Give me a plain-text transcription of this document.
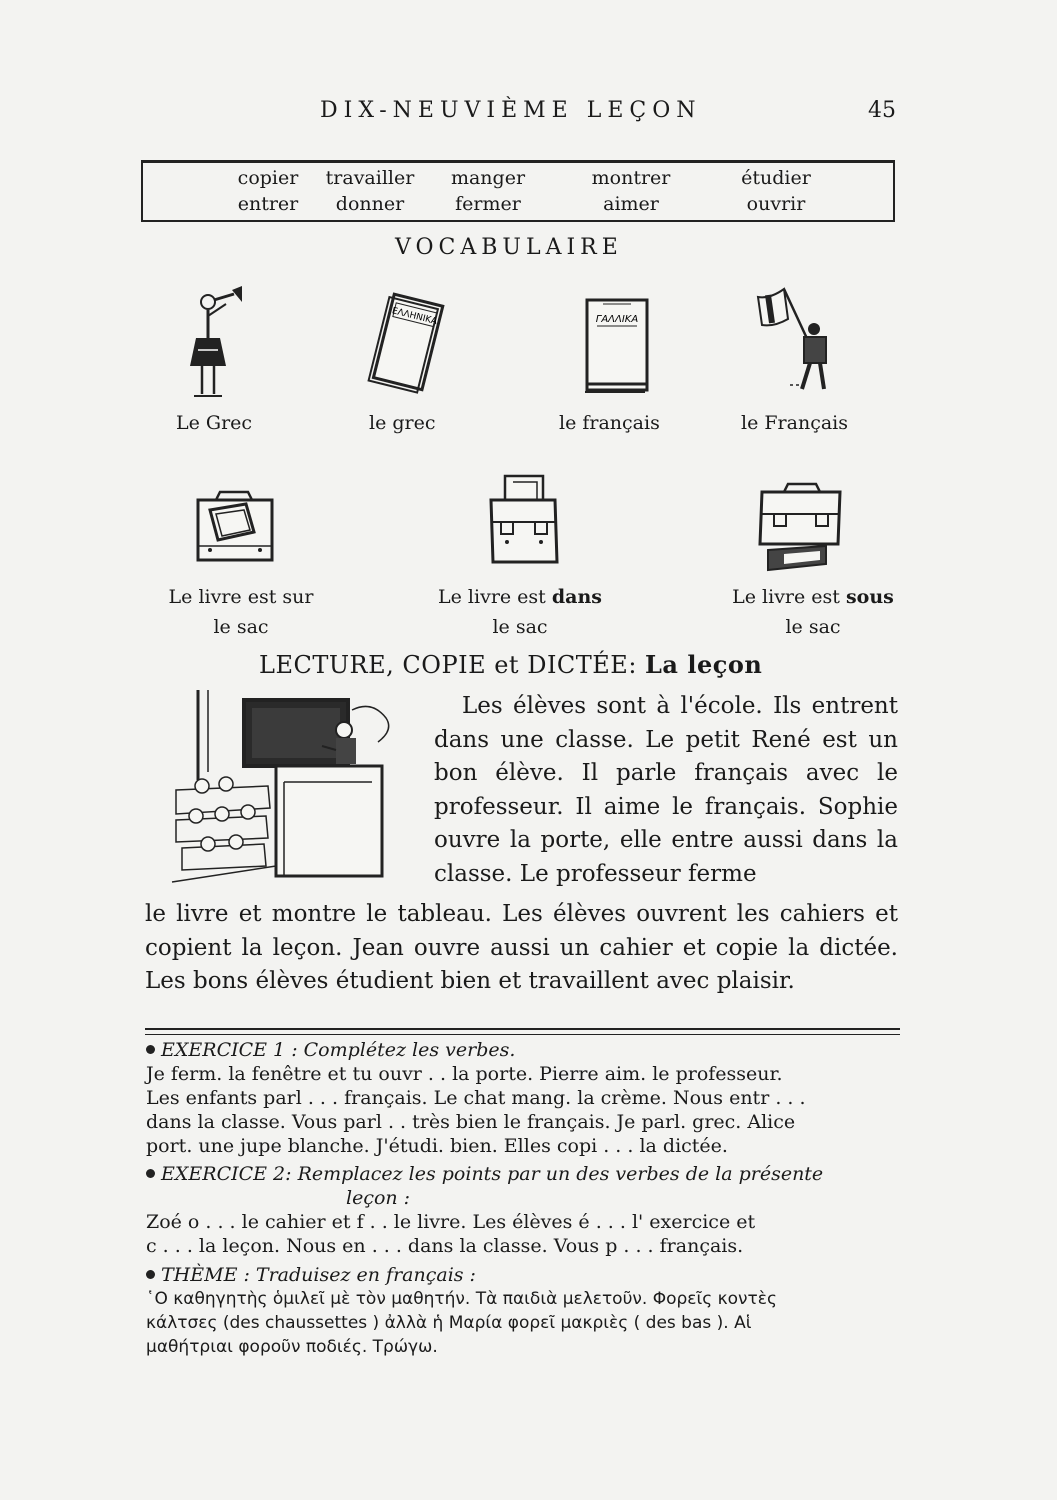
DIX-NEUVIÈME LEÇON	45
copier	travailler	manger	montrer	étudier
entrer	donner	fermer	aimer	ouvrir
VOCABULAIRE
ΕΛΛΗΝΙΚΑ	ΓΑΛΛΙΚΑ
Le Grec	le grec	le français	le Français
Le livre est sur
le sac
Le livre est dans
le sac
Le livre est sous
le sac
LECTURE, COPIE et DICTÉE: La leçon
Les élèves sont à l'école. Ils entrent dans une classe. Le petit René est un bon élève. Il parle français avec le professeur. Il aime le français. Sophie ouvre la porte, elle entre aussi dans la classe. Le professeur ferme
le livre et montre le tableau. Les élèves ouvrent les cahiers et copient la leçon. Jean ouvre aussi un cahier et copie la dictée. Les bons élèves étudient bien et travaillent avec plaisir.
EXERCICE 1 : Complétez les verbes.
Je ferm. la fenêtre et tu ouvr . . la porte. Pierre aim. le professeur.
Les enfants parl . . . français. Le chat mang. la crème. Nous entr . . .
dans la classe. Vous parl . . très bien le français. Je parl. grec. Alice
port. une jupe blanche. J'étudi. bien. Elles copi . . . la dictée.
EXERCICE 2: Remplacez les points par un des verbes de la présente
leçon :
Zoé o . . . le cahier et f . . le livre. Les élèves é . . . l' exercice et
c . . . la leçon. Nous en . . . dans la classe. Vous p . . . français.
THÈME : Traduisez en français :
῾Ο καθηγητὴς ὁμιλεῖ μὲ τὸν μαθητήν. Τὰ παιδιὰ μελετοῦν. Φορεῖς κοντὲς
κάλτσες (des chaussettes ) ἀλλὰ ἡ Μαρία φορεῖ μακριὲς ( des bas ). Αἱ
μαθήτριαι φοροῦν ποδιές. Τρώγω.
